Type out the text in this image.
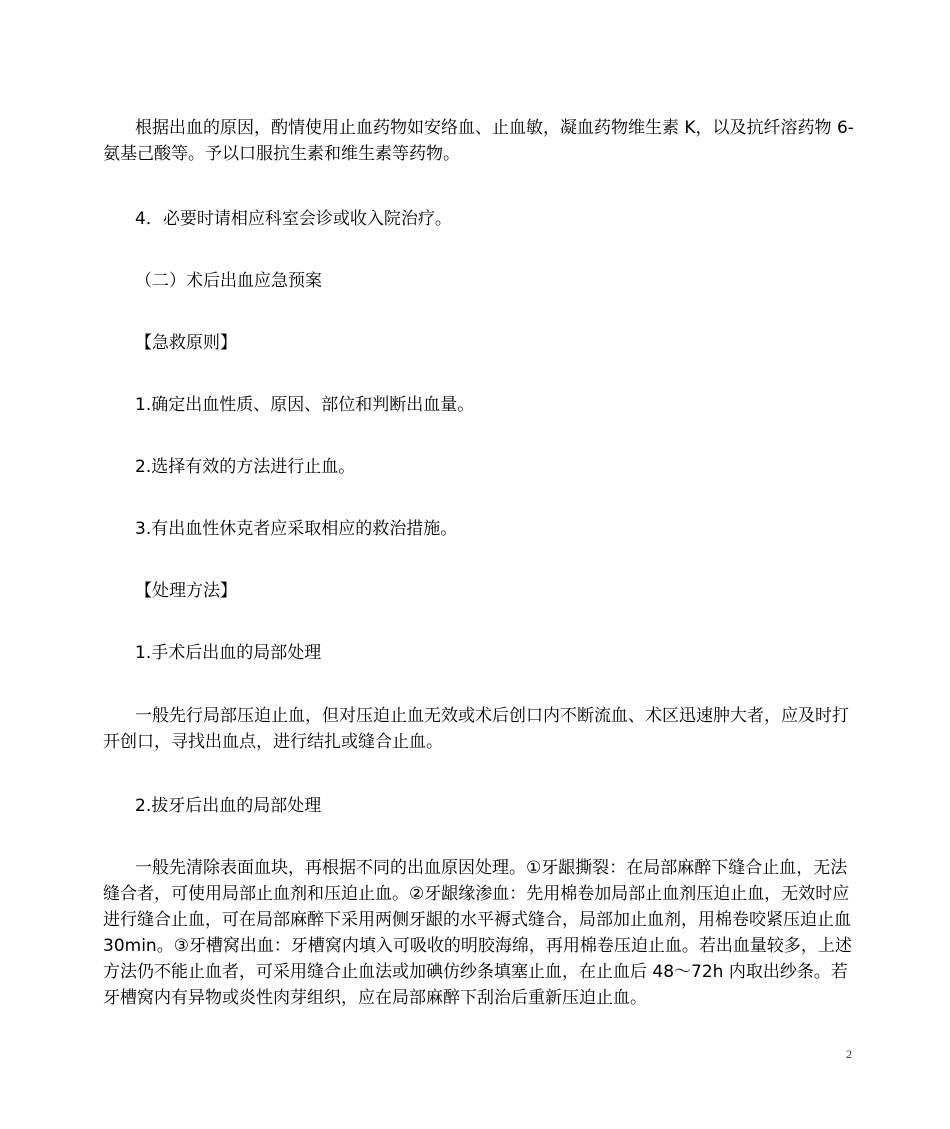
根据出血的原因，酌情使用止血药物如安络血、止血敏，凝血药物维生素 K，以及抗纤溶药物 6-氨基己酸等。予以口服抗生素和维生素等药物。

4．必要时请相应科室会诊或收入院治疗。

（二）术后出血应急预案

【急救原则】

1.确定出血性质、原因、部位和判断出血量。

2.选择有效的方法进行止血。

3.有出血性休克者应采取相应的救治措施。

【处理方法】

1.手术后出血的局部处理

一般先行局部压迫止血，但对压迫止血无效或术后创口内不断流血、术区迅速肿大者，应及时打开创口，寻找出血点，进行结扎或缝合止血。

2.拔牙后出血的局部处理

一般先清除表面血块，再根据不同的出血原因处理。①牙龈撕裂：在局部麻醉下缝合止血，无法缝合者，可使用局部止血剂和压迫止血。②牙龈缘渗血：先用棉卷加局部止血剂压迫止血，无效时应进行缝合止血，可在局部麻醉下采用两侧牙龈的水平褥式缝合，局部加止血剂，用棉卷咬紧压迫止血 30min。③牙槽窝出血：牙槽窝内填入可吸收的明胶海绵，再用棉卷压迫止血。若出血量较多，上述方法仍不能止血者，可采用缝合止血法或加碘仿纱条填塞止血，在止血后 48～72h 内取出纱条。若牙槽窝内有异物或炎性肉芽组织，应在局部麻醉下刮治后重新压迫止血。

2
